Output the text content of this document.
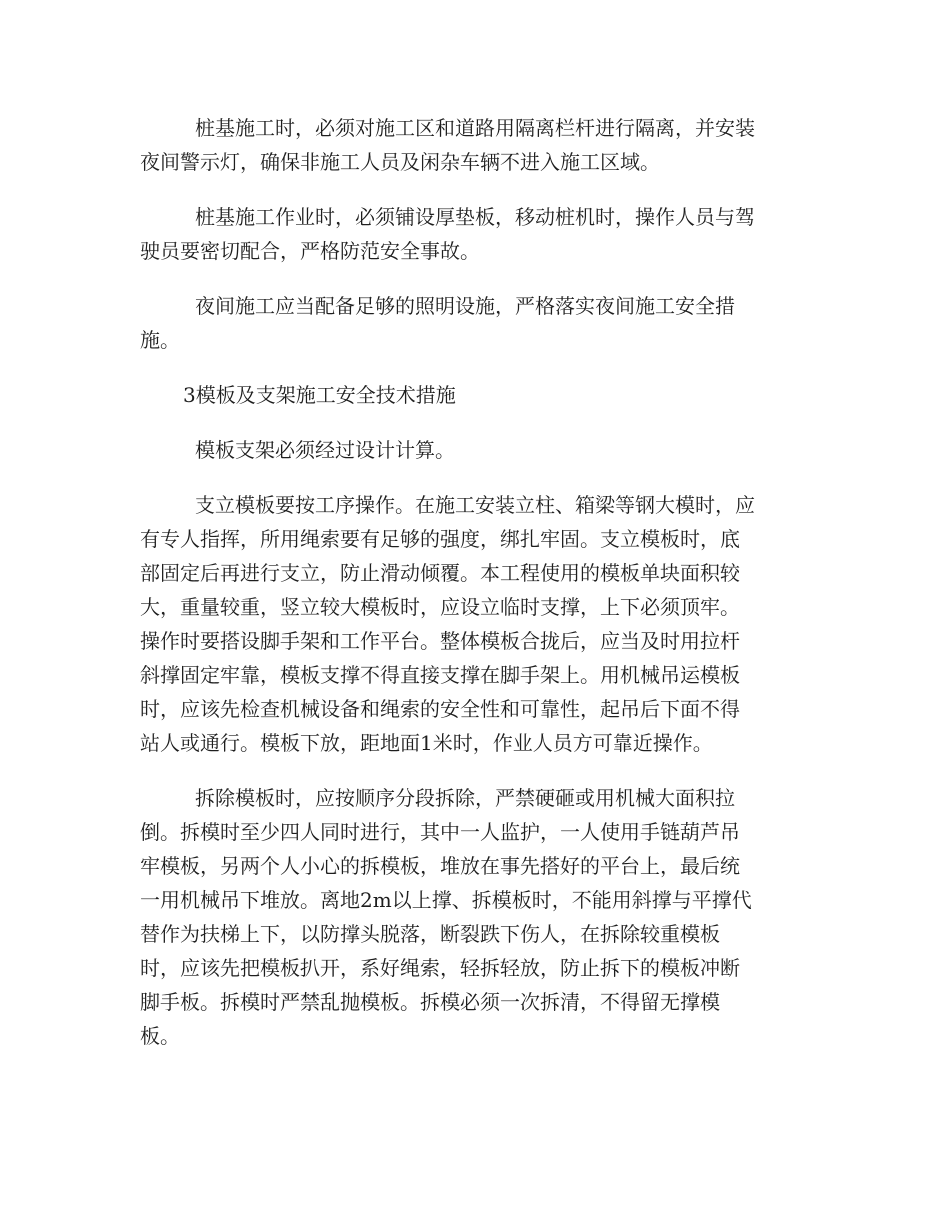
桩基施工时，必须对施工区和道路用隔离栏杆进行隔离，并安装
夜间警示灯，确保非施工人员及闲杂车辆不进入施工区域。
桩基施工作业时，必须铺设厚垫板，移动桩机时，操作人员与驾
驶员要密切配合，严格防范安全事故。
夜间施工应当配备足够的照明设施，严格落实夜间施工安全措
施。
3模板及支架施工安全技术措施
模板支架必须经过设计计算。
支立模板要按工序操作。在施工安装立柱、箱梁等钢大模时，应
有专人指挥，所用绳索要有足够的强度，绑扎牢固。支立模板时，底
部固定后再进行支立，防止滑动倾覆。本工程使用的模板单块面积较
大，重量较重，竖立较大模板时，应设立临时支撑，上下必须顶牢。
操作时要搭设脚手架和工作平台。整体模板合拢后，应当及时用拉杆
斜撑固定牢靠，模板支撑不得直接支撑在脚手架上。用机械吊运模板
时，应该先检查机械设备和绳索的安全性和可靠性，起吊后下面不得
站人或通行。模板下放，距地面1米时，作业人员方可靠近操作。
拆除模板时，应按顺序分段拆除，严禁硬砸或用机械大面积拉
倒。拆模时至少四人同时进行，其中一人监护，一人使用手链葫芦吊
牢模板，另两个人小心的拆模板，堆放在事先搭好的平台上，最后统
一用机械吊下堆放。离地2m以上撑、拆模板时，不能用斜撑与平撑代
替作为扶梯上下，以防撑头脱落，断裂跌下伤人，在拆除较重模板
时，应该先把模板扒开，系好绳索，轻拆轻放，防止拆下的模板冲断
脚手板。拆模时严禁乱抛模板。拆模必须一次拆清，不得留无撑模
板。
